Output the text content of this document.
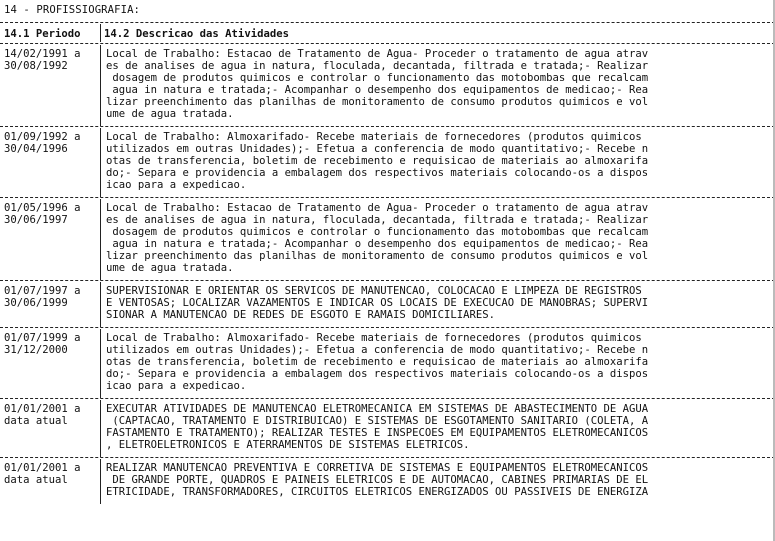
14 - PROFISSIOGRAFIA:
14.1 Periodo 14.2 Descricao das Atividades
14/02/1991 a
30/08/1992
Local de Trabalho: Estacao de Tratamento de Agua- Proceder o tratamento de agua atrav
es de analises de agua in natura, floculada, decantada, filtrada e tratada;- Realizar
dosagem de produtos quimicos e controlar o funcionamento das motobombas que recalcam
agua in natura e tratada;- Acompanhar o desempenho dos equipamentos de medicao;- Rea
lizar preenchimento das planilhas de monitoramento de consumo produtos quimicos e vol
ume de agua tratada.
01/09/1992 a
30/04/1996
Local de Trabalho: Almoxarifado- Recebe materiais de fornecedores (produtos quimicos
utilizados em outras Unidades);- Efetua a conferencia de modo quantitativo;- Recebe n
otas de transferencia, boletim de recebimento e requisicao de materiais ao almoxarifa
do;- Separa e providencia a embalagem dos respectivos materiais colocando-os a dispos
icao para a expedicao.
01/05/1996 a
30/06/1997
Local de Trabalho: Estacao de Tratamento de Agua- Proceder o tratamento de agua atrav
es de analises de agua in natura, floculada, decantada, filtrada e tratada;- Realizar
dosagem de produtos quimicos e controlar o funcionamento das motobombas que recalcam
agua in natura e tratada;- Acompanhar o desempenho dos equipamentos de medicao;- Rea
lizar preenchimento das planilhas de monitoramento de consumo produtos quimicos e vol
ume de agua tratada.
01/07/1997 a
30/06/1999
SUPERVISIONAR E ORIENTAR OS SERVICOS DE MANUTENCAO, COLOCACAO E LIMPEZA DE REGISTROS
E VENTOSAS; LOCALIZAR VAZAMENTOS E INDICAR OS LOCAIS DE EXECUCAO DE MANOBRAS; SUPERVI
SIONAR A MANUTENCAO DE REDES DE ESGOTO E RAMAIS DOMICILIARES.
01/07/1999 a
31/12/2000
Local de Trabalho: Almoxarifado- Recebe materiais de fornecedores (produtos quimicos
utilizados em outras Unidades);- Efetua a conferencia de modo quantitativo;- Recebe n
otas de transferencia, boletim de recebimento e requisicao de materiais ao almoxarifa
do;- Separa e providencia a embalagem dos respectivos materiais colocando-os a dispos
icao para a expedicao.
01/01/2001 a
data atual
EXECUTAR ATIVIDADES DE MANUTENCAO ELETROMECANICA EM SISTEMAS DE ABASTECIMENTO DE AGUA
(CAPTACAO, TRATAMENTO E DISTRIBUICAO) E SISTEMAS DE ESGOTAMENTO SANITARIO (COLETA, A
FASTAMENTO E TRATAMENTO); REALIZAR TESTES E INSPECOES EM EQUIPAMENTOS ELETROMECANICOS
, ELETROELETRONICOS E ATERRAMENTOS DE SISTEMAS ELETRICOS.
01/01/2001 a
data atual
REALIZAR MANUTENCAO PREVENTIVA E CORRETIVA DE SISTEMAS E EQUIPAMENTOS ELETROMECANICOS
DE GRANDE PORTE, QUADROS E PAINEIS ELETRICOS E DE AUTOMACAO, CABINES PRIMARIAS DE EL
ETRICIDADE, TRANSFORMADORES, CIRCUITOS ELETRICOS ENERGIZADOS OU PASSIVEIS DE ENERGIZA
